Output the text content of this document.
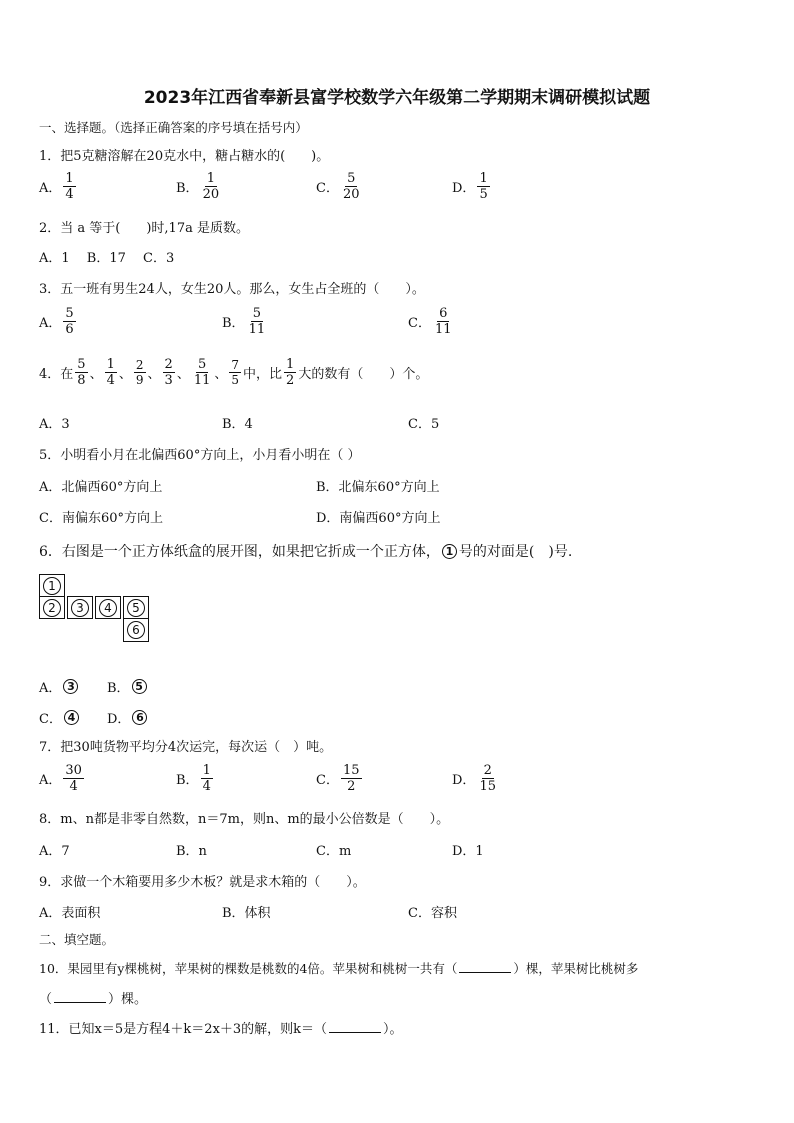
2023年江西省奉新县富学校数学六年级第二学期期末调研模拟试题
一、选择题。（选择正确答案的序号填在括号内）
1．把5克糖溶解在20克水中，糖占糖水的(　　)。
A． $\frac{1}{4}$	B． $\frac{1}{20}$	C． $\frac{5}{20}$	D． $\frac{1}{5}$
2．当 a 等于(　　)时,17a 是质数。
A．1　 B．17　 C．3
3．五一班有男生24人，女生20人。那么，女生占全班的（　　）。
A． $\frac{5}{6}$	B． $\frac{5}{11}$	C． $\frac{6}{11}$
4．在 $\frac{5}{8}$ 、 $\frac{1}{4}$ 、 $\frac{2}{9}$ 、 $\frac{2}{3}$ 、 $\frac{5}{11}$ 、 $\frac{7}{5}$ 中，比 $\frac{1}{2}$ 大的数有（　　）个。
A．3	B．4	C．5
5．小明看小月在北偏西60°方向上，小月看小明在（ ）
A．北偏西60°方向上	B．北偏东60°方向上
C．南偏东60°方向上	D．南偏西60°方向上
6．右图是一个正方体纸盒的展开图，如果把它折成一个正方体， 1 号的对面是(　)号.
1
2	3	4	5
6
A． 3 B． 5
C． 4 D． 6
7．把30吨货物平均分4次运完，每次运（　）吨。
A． $\frac{30}{4}$	B． $\frac{1}{4}$	C． $\frac{15}{2}$	D． $\frac{2}{15}$
8．m、n都是非零自然数，n＝7m，则n、m的最小公倍数是（　　）。
A．7	B．n	C．m	D．1
9．求做一个木箱要用多少木板？就是求木箱的（　　）。
A．表面积	B．体积	C．容积
二、填空题。
10．果园里有y棵桃树，苹果树的棵数是桃数的4倍。苹果树和桃树一共有（	）棵，苹果树比桃树多
（	）棵。
11．已知x＝5是方程4＋k＝2x＋3的解，则k＝（	）。
